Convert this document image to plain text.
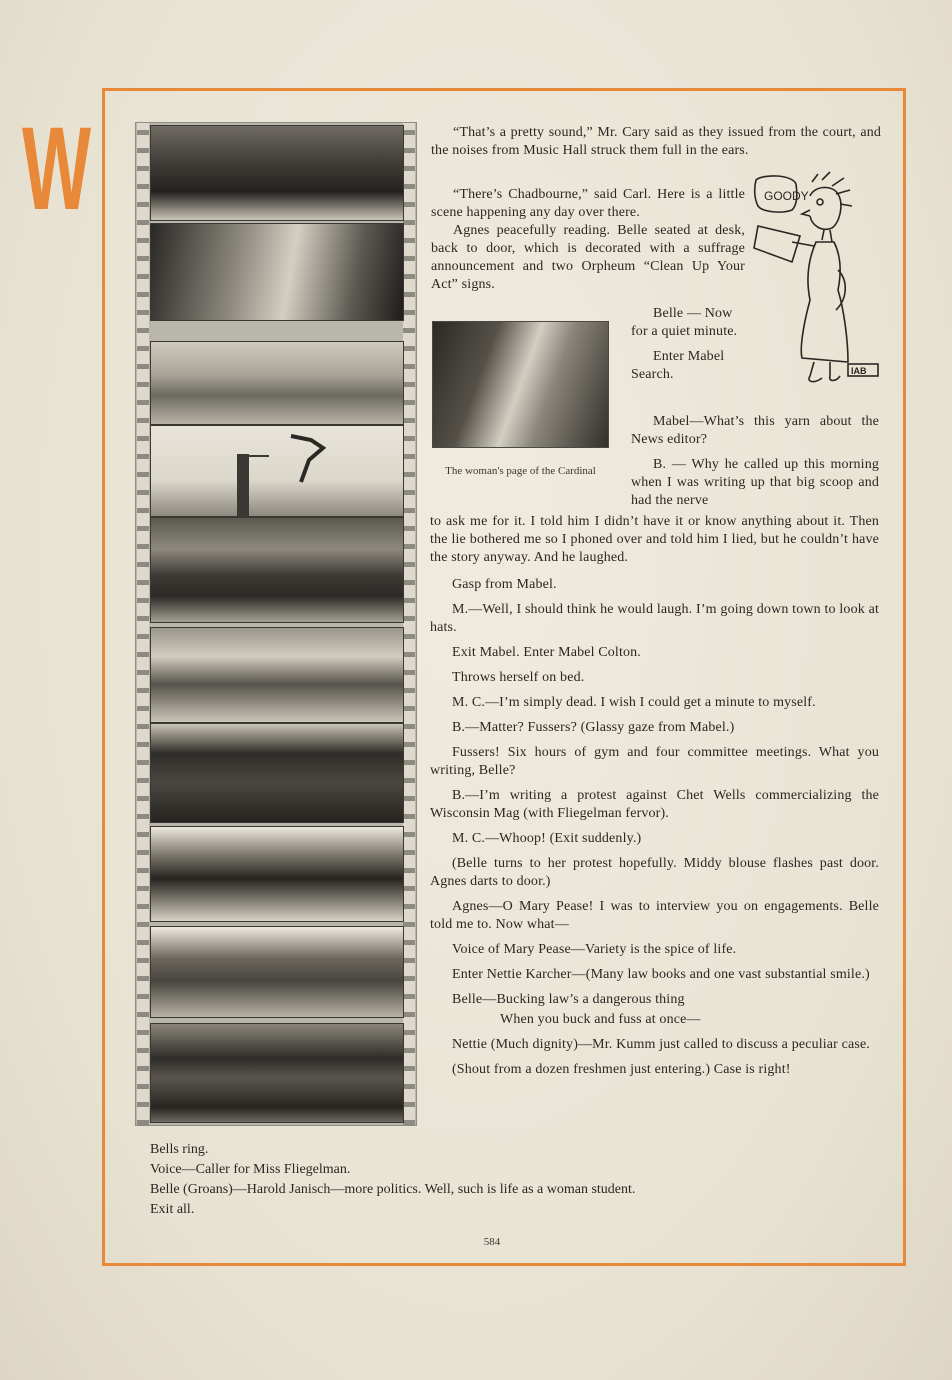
W	“That’s a pretty sound,” Mr. Cary said as they issued from the court, and the noises from Music Hall struck them full in the ears.

“There’s Chadbourne,” said Carl. Here is a little scene happening any day over there.

Agnes peacefully reading. Belle seated at desk, back to door, which is decorated with a suffrage announcement and two Orpheum “Clean Up Your Act” signs.

The woman's page of the Cardinal

Belle — Now for a quiet minute.

Enter Mabel Search.

Mabel—What’s this yarn about the News editor?

B. — Why he called up this morning when I was writing up that big scoop and had the nerve

to ask me for it. I told him I didn’t have it or know anything about it. Then the lie bothered me so I phoned over and told him I lied, but he couldn’t have the story anyway. And he laughed.

Gasp from Mabel.

M.—Well, I should think he would laugh. I’m going down town to look at hats.

Exit Mabel. Enter Mabel Colton.

Throws herself on bed.

M. C.—I’m simply dead. I wish I could get a minute to myself.

B.—Matter? Fussers? (Glassy gaze from Mabel.)

Fussers! Six hours of gym and four committee meetings. What you writing, Belle?

B.—I’m writing a protest against Chet Wells commercializing the Wisconsin Mag (with Fliegelman fervor).

M. C.—Whoop! (Exit suddenly.)

(Belle turns to her protest hopefully. Middy blouse flashes past door. Agnes darts to door.)

Agnes—O Mary Pease! I was to interview you on engagements. Belle told me to. Now what—

Voice of Mary Pease—Variety is the spice of life.

Enter Nettie Karcher—(Many law books and one vast substantial smile.)

Belle—Bucking law’s a dangerous thing

When you buck and fuss at once—

Nettie (Much dignity)—Mr. Kumm just called to discuss a peculiar case.

(Shout from a dozen freshmen just entering.) Case is right!

GOODY
IAB
Bells ring.
Voice—Caller for Miss Fliegelman.
Belle (Groans)—Harold Janisch—more politics. Well, such is life as a woman student.
Exit all.
584
